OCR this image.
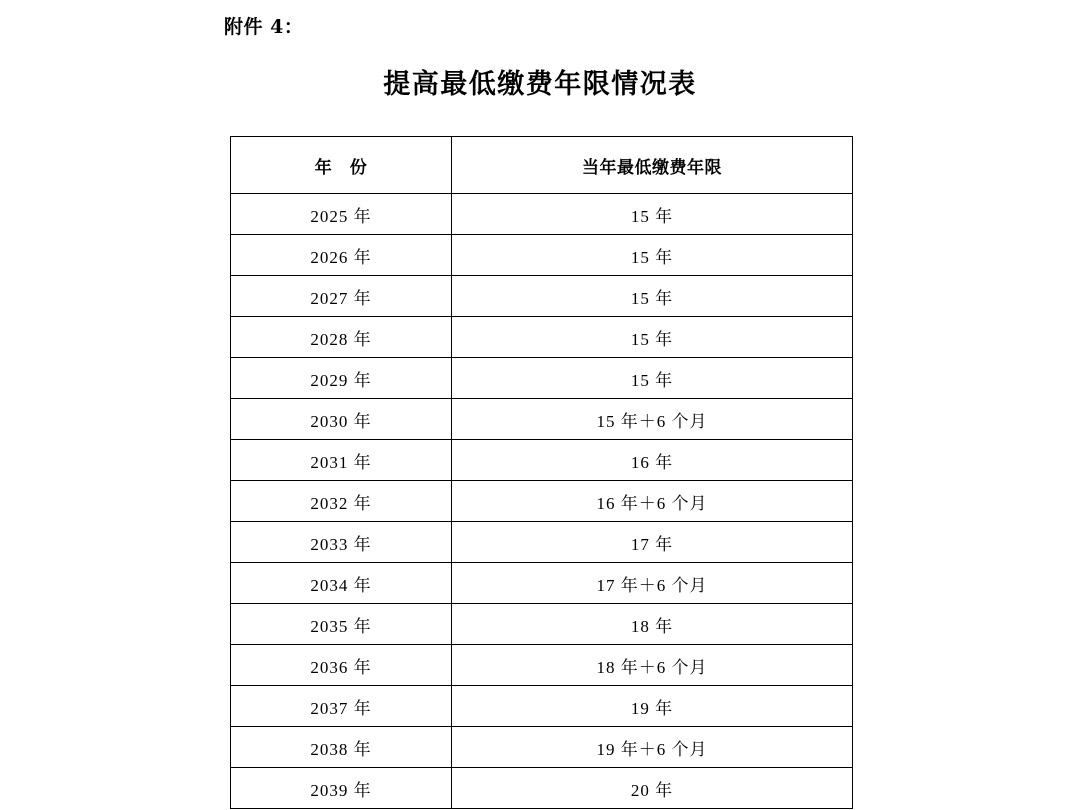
附件 4：
提高最低缴费年限情况表
年　份	当年最低缴费年限
2025 年	15 年
2026 年	15 年
2027 年	15 年
2028 年	15 年
2029 年	15 年
2030 年	15 年＋6 个月
2031 年	16 年
2032 年	16 年＋6 个月
2033 年	17 年
2034 年	17 年＋6 个月
2035 年	18 年
2036 年	18 年＋6 个月
2037 年	19 年
2038 年	19 年＋6 个月
2039 年	20 年
